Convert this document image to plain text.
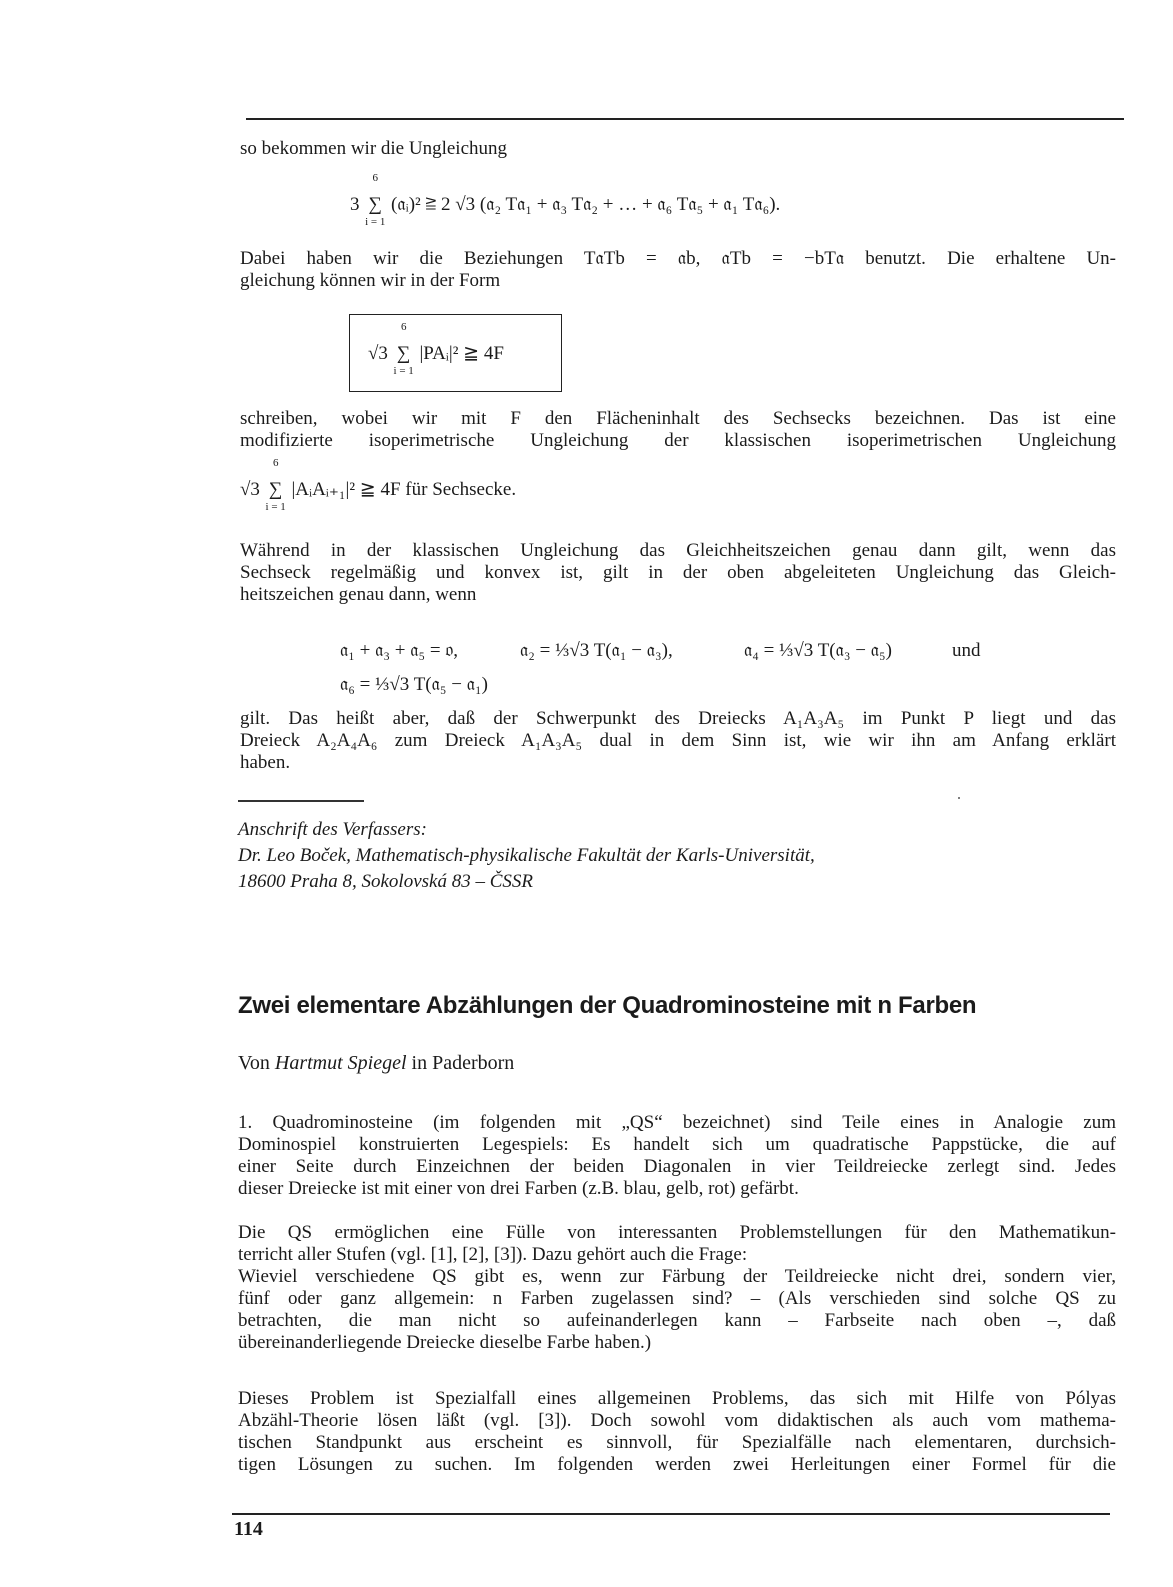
so bekommen wir die Ungleichung
3
6
∑
i = 1
(𝔞ᵢ)² ≧ 2 √3 (𝔞₂ T𝔞₁ + 𝔞₃ T𝔞₂ + … + 𝔞₆ T𝔞₅ + 𝔞₁ T𝔞₆).
Dabei haben wir die Beziehungen T𝔞Tb = 𝔞b, 𝔞Tb = −bT𝔞 benutzt. Die erhaltene Un-
gleichung können wir in der Form
√3
6
∑
i = 1
|PAᵢ|² ≧ 4F
schreiben, wobei wir mit F den Flächeninhalt des Sechsecks bezeichnen. Das ist eine
modifizierte isoperimetrische Ungleichung der klassischen isoperimetrischen Ungleichung
√3
6
∑
i = 1
|AᵢAᵢ₊₁|² ≧ 4F für Sechsecke.
Während in der klassischen Ungleichung das Gleichheitszeichen genau dann gilt, wenn das
Sechseck regelmäßig und konvex ist, gilt in der oben abgeleiteten Ungleichung das Gleich-
heitszeichen genau dann, wenn
𝔞₁ + 𝔞₃ + 𝔞₅ = 𝔬,	𝔞₂ = ⅓√3 T(𝔞₁ − 𝔞₃),	𝔞₄ = ⅓√3 T(𝔞₃ − 𝔞₅)	und
𝔞₆ = ⅓√3 T(𝔞₅ − 𝔞₁)
gilt. Das heißt aber, daß der Schwerpunkt des Dreiecks A₁A₃A₅ im Punkt P liegt und das
Dreieck A₂A₄A₆ zum Dreieck A₁A₃A₅ dual in dem Sinn ist, wie wir ihn am Anfang erklärt
haben.
Anschrift des Verfassers:
Dr. Leo Boček, Mathematisch-physikalische Fakultät der Karls-Universität,
18600 Praha 8, Sokolovská 83 – ČSSR
Zwei elementare Abzählungen der Quadrominosteine mit n Farben
Von Hartmut Spiegel in Paderborn
1. Quadrominosteine (im folgenden mit „QS“ bezeichnet) sind Teile eines in Analogie zum
Dominospiel konstruierten Legespiels: Es handelt sich um quadratische Pappstücke, die auf
einer Seite durch Einzeichnen der beiden Diagonalen in vier Teildreiecke zerlegt sind. Jedes
dieser Dreiecke ist mit einer von drei Farben (z.B. blau, gelb, rot) gefärbt.
Die QS ermöglichen eine Fülle von interessanten Problemstellungen für den Mathematikun-
terricht aller Stufen (vgl. [1], [2], [3]). Dazu gehört auch die Frage:
Wieviel verschiedene QS gibt es, wenn zur Färbung der Teildreiecke nicht drei, sondern vier,
fünf oder ganz allgemein: n Farben zugelassen sind? – (Als verschieden sind solche QS zu
betrachten, die man nicht so aufeinanderlegen kann – Farbseite nach oben –, daß
übereinanderliegende Dreiecke dieselbe Farbe haben.)
Dieses Problem ist Spezialfall eines allgemeinen Problems, das sich mit Hilfe von Pólyas
Abzähl-Theorie lösen läßt (vgl. [3]). Doch sowohl vom didaktischen als auch vom mathema-
tischen Standpunkt aus erscheint es sinnvoll, für Spezialfälle nach elementaren, durchsich-
tigen Lösungen zu suchen. Im folgenden werden zwei Herleitungen einer Formel für die
114
